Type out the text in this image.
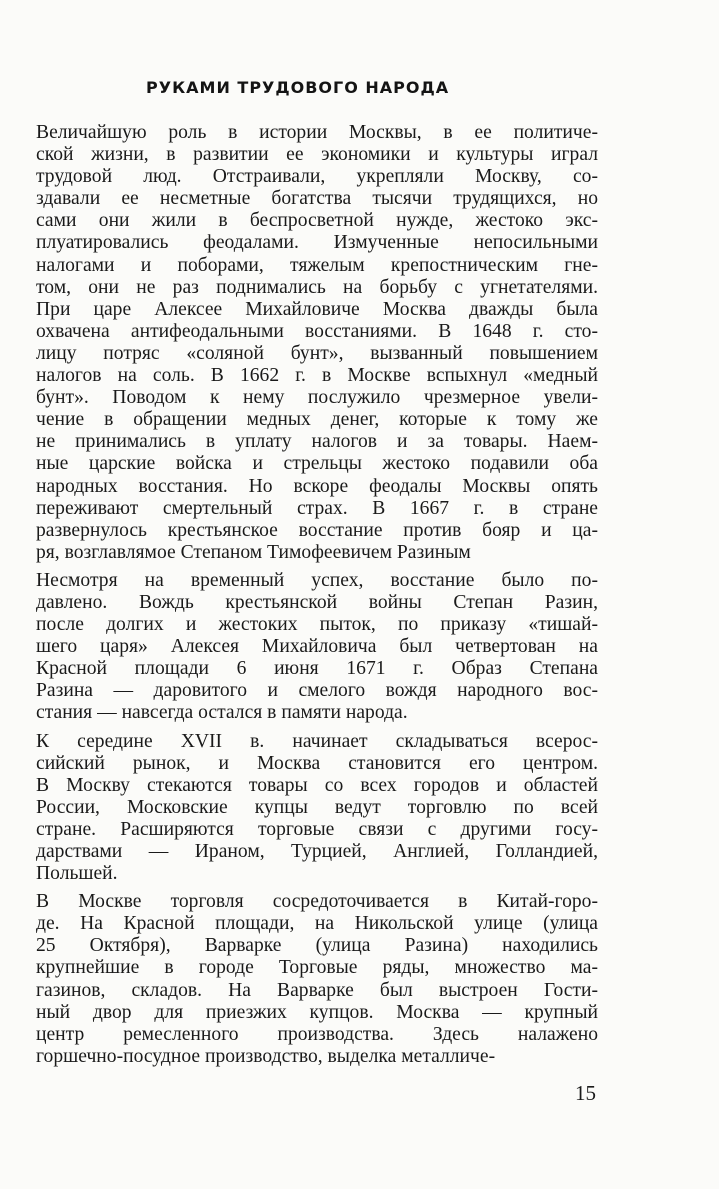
РУКАМИ ТРУДОВОГО НАРОДА
Величайшую роль в истории Москвы, в ее политиче-
ской жизни, в развитии ее экономики и культуры играл
трудовой люд. Отстраивали, укрепляли Москву, со-
здавали ее несметные богатства тысячи трудящихся, но
сами они жили в беспросветной нужде, жестоко экс-
плуатировались феодалами. Измученные непосильными
налогами и поборами, тяжелым крепостническим гне-
том, они не раз поднимались на борьбу с угнетателями.
При царе Алексее Михайловиче Москва дважды была
охвачена антифеодальными восстаниями. В 1648 г. сто-
лицу потряс «соляной бунт», вызванный повышением
налогов на соль. В 1662 г. в Москве вспыхнул «медный
бунт». Поводом к нему послужило чрезмерное увели-
чение в обращении медных денег, которые к тому же
не принимались в уплату налогов и за товары. Наем-
ные царские войска и стрельцы жестоко подавили оба
народных восстания. Но вскоре феодалы Москвы опять
переживают смертельный страх. В 1667 г. в стране
развернулось крестьянское восстание против бояр и ца-
ря, возглавлямое Степаном Тимофеевичем Разиным
Несмотря на временный успех, восстание было по-
давлено. Вождь крестьянской войны Степан Разин,
после долгих и жестоких пыток, по приказу «тишай-
шего царя» Алексея Михайловича был четвертован на
Красной площади 6 июня 1671 г. Образ Степана
Разина — даровитого и смелого вождя народного вос-
стания — навсегда остался в памяти народа.
К середине XVII в. начинает складываться всерос-
сийский рынок, и Москва становится его центром.
В Москву стекаются товары со всех городов и областей
России, Московские купцы ведут торговлю по всей
стране. Расширяются торговые связи с другими госу-
дарствами — Ираном, Турцией, Англией, Голландией,
Польшей.
В Москве торговля сосредоточивается в Китай-горо-
де. На Красной площади, на Никольской улице (улица
25 Октября), Варварке (улица Разина) находились
крупнейшие в городе Торговые ряды, множество ма-
газинов, складов. На Варварке был выстроен Гости-
ный двор для приезжих купцов. Москва — крупный
центр ремесленного производства. Здесь налажено
горшечно-посудное производство, выделка металличе-
15
